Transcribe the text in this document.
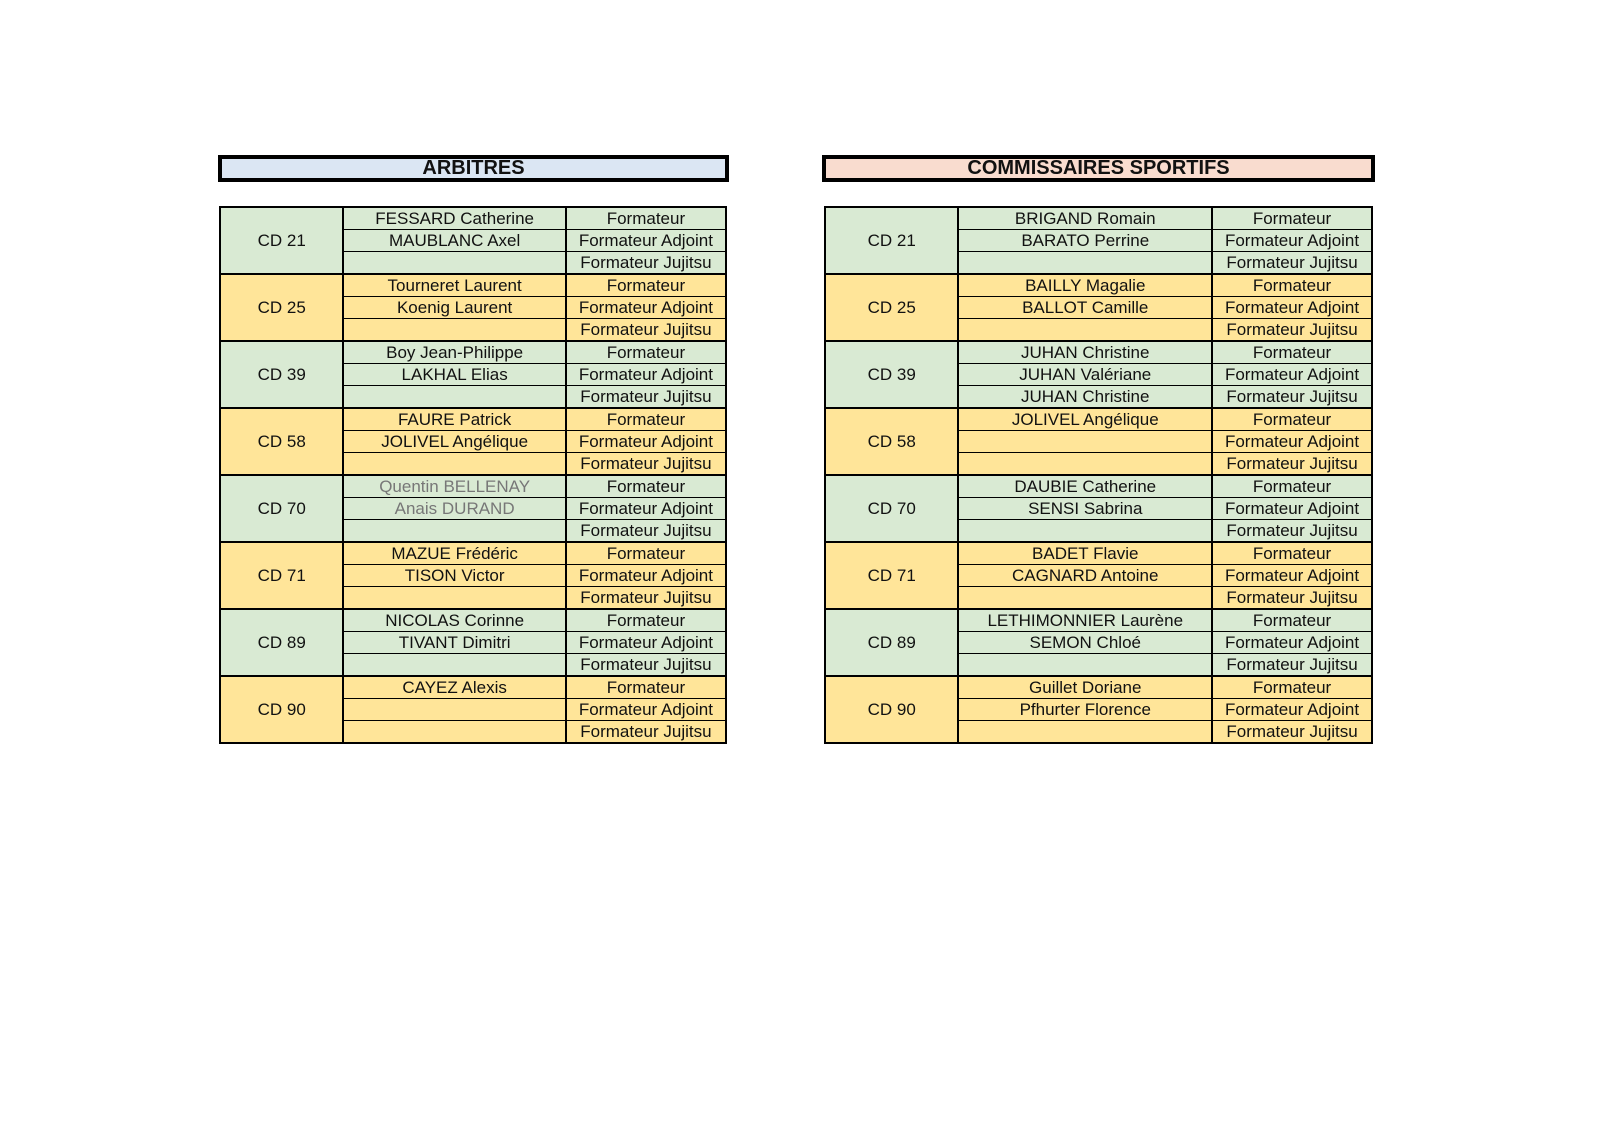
ARBITRES	COMMISSAIRES SPORTIFS
CD 21	FESSARD Catherine	Formateur
	MAUBLANC Axel	Formateur Adjoint
		Formateur Jujitsu
CD 25	Tourneret Laurent	Formateur
	Koenig Laurent	Formateur Adjoint
		Formateur Jujitsu
CD 39	Boy Jean-Philippe	Formateur
	LAKHAL Elias	Formateur Adjoint
		Formateur Jujitsu
CD 58	FAURE Patrick	Formateur
	JOLIVEL Angélique	Formateur Adjoint
		Formateur Jujitsu
CD 70	Quentin BELLENAY	Formateur
	Anais DURAND	Formateur Adjoint
		Formateur Jujitsu
CD 71	MAZUE Frédéric	Formateur
	TISON Victor	Formateur Adjoint
		Formateur Jujitsu
CD 89	NICOLAS Corinne	Formateur
	TIVANT Dimitri	Formateur Adjoint
		Formateur Jujitsu
CD 90	CAYEZ Alexis	Formateur
		Formateur Adjoint
		Formateur Jujitsu
CD 21	BRIGAND Romain	Formateur
	BARATO Perrine	Formateur Adjoint
		Formateur Jujitsu
CD 25	BAILLY Magalie	Formateur
	BALLOT Camille	Formateur Adjoint
		Formateur Jujitsu
CD 39	JUHAN Christine	Formateur
	JUHAN Valériane	Formateur Adjoint
	JUHAN Christine	Formateur Jujitsu
CD 58	JOLIVEL Angélique	Formateur
		Formateur Adjoint
		Formateur Jujitsu
CD 70	DAUBIE Catherine	Formateur
	SENSI Sabrina	Formateur Adjoint
		Formateur Jujitsu
CD 71	BADET Flavie	Formateur
	CAGNARD Antoine	Formateur Adjoint
		Formateur Jujitsu
CD 89	LETHIMONNIER Laurène	Formateur
	SEMON Chloé	Formateur Adjoint
		Formateur Jujitsu
CD 90	Guillet Doriane	Formateur
	Pfhurter Florence	Formateur Adjoint
		Formateur Jujitsu
